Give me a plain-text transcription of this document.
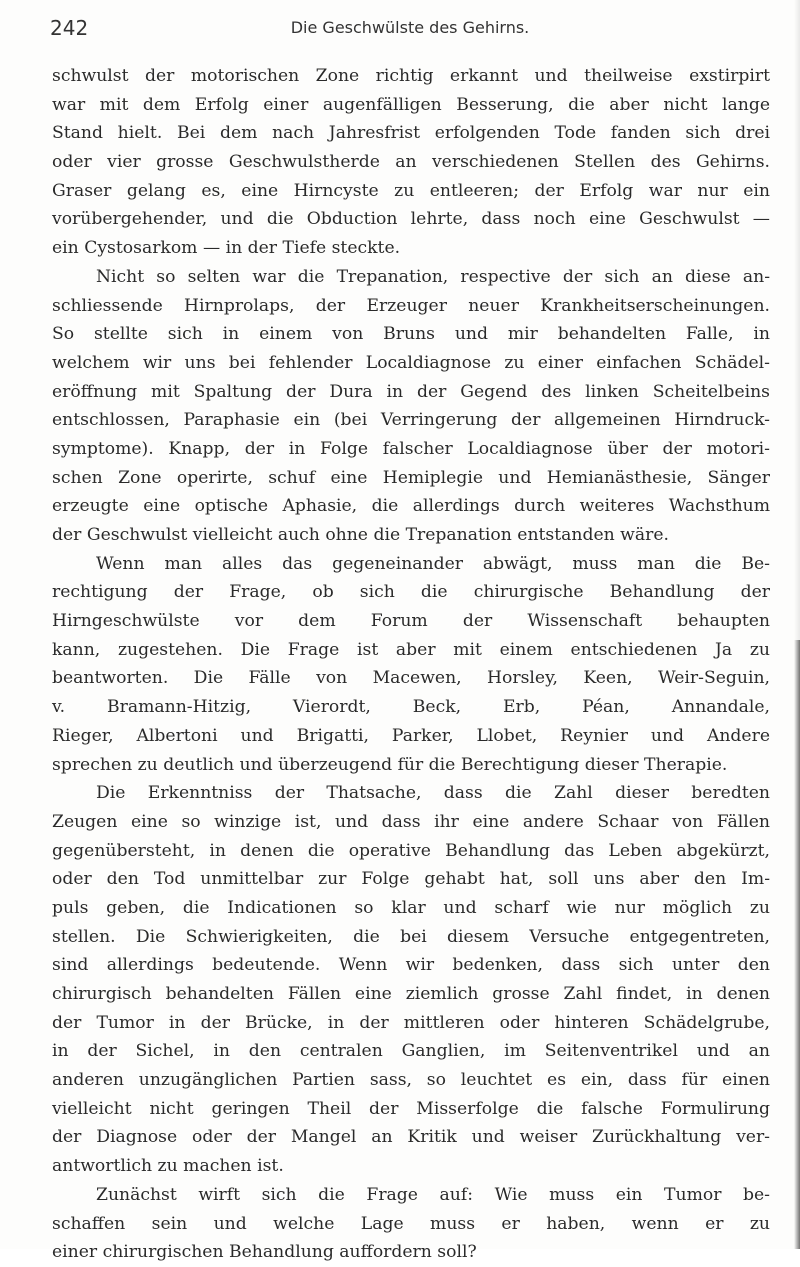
242	Die Geschwülste des Gehirns.
schwulst der motorischen Zone richtig erkannt und theilweise exstirpirt
war mit dem Erfolg einer augenfälligen Besserung, die aber nicht lange
Stand hielt. Bei dem nach Jahresfrist erfolgenden Tode fanden sich drei
oder vier grosse Geschwulstherde an verschiedenen Stellen des Gehirns.
Graser gelang es, eine Hirncyste zu entleeren; der Erfolg war nur ein
vorübergehender, und die Obduction lehrte, dass noch eine Geschwulst —
ein Cystosarkom — in der Tiefe steckte.
Nicht so selten war die Trepanation, respective der sich an diese an-
schliessende Hirnprolaps, der Erzeuger neuer Krankheitserscheinungen.
So stellte sich in einem von Bruns und mir behandelten Falle, in
welchem wir uns bei fehlender Localdiagnose zu einer einfachen Schädel-
eröffnung mit Spaltung der Dura in der Gegend des linken Scheitelbeins
entschlossen, Paraphasie ein (bei Verringerung der allgemeinen Hirndruck-
symptome). Knapp, der in Folge falscher Localdiagnose über der motori-
schen Zone operirte, schuf eine Hemiplegie und Hemianästhesie, Sänger
erzeugte eine optische Aphasie, die allerdings durch weiteres Wachsthum
der Geschwulst vielleicht auch ohne die Trepanation entstanden wäre.
Wenn man alles das gegeneinander abwägt, muss man die Be-
rechtigung der Frage, ob sich die chirurgische Behandlung der
Hirngeschwülste vor dem Forum der Wissenschaft behaupten
kann, zugestehen. Die Frage ist aber mit einem entschiedenen Ja zu
beantworten. Die Fälle von Macewen, Horsley, Keen, Weir-Seguin,
v. Bramann-Hitzig, Vierordt, Beck, Erb, Péan, Annandale,
Rieger, Albertoni und Brigatti, Parker, Llobet, Reynier und Andere
sprechen zu deutlich und überzeugend für die Berechtigung dieser Therapie.
Die Erkenntniss der Thatsache, dass die Zahl dieser beredten
Zeugen eine so winzige ist, und dass ihr eine andere Schaar von Fällen
gegenübersteht, in denen die operative Behandlung das Leben abgekürzt,
oder den Tod unmittelbar zur Folge gehabt hat, soll uns aber den Im-
puls geben, die Indicationen so klar und scharf wie nur möglich zu
stellen. Die Schwierigkeiten, die bei diesem Versuche entgegentreten,
sind allerdings bedeutende. Wenn wir bedenken, dass sich unter den
chirurgisch behandelten Fällen eine ziemlich grosse Zahl findet, in denen
der Tumor in der Brücke, in der mittleren oder hinteren Schädelgrube,
in der Sichel, in den centralen Ganglien, im Seitenventrikel und an
anderen unzugänglichen Partien sass, so leuchtet es ein, dass für einen
vielleicht nicht geringen Theil der Misserfolge die falsche Formulirung
der Diagnose oder der Mangel an Kritik und weiser Zurückhaltung ver-
antwortlich zu machen ist.
Zunächst wirft sich die Frage auf: Wie muss ein Tumor be-
schaffen sein und welche Lage muss er haben, wenn er zu
einer chirurgischen Behandlung auffordern soll?
